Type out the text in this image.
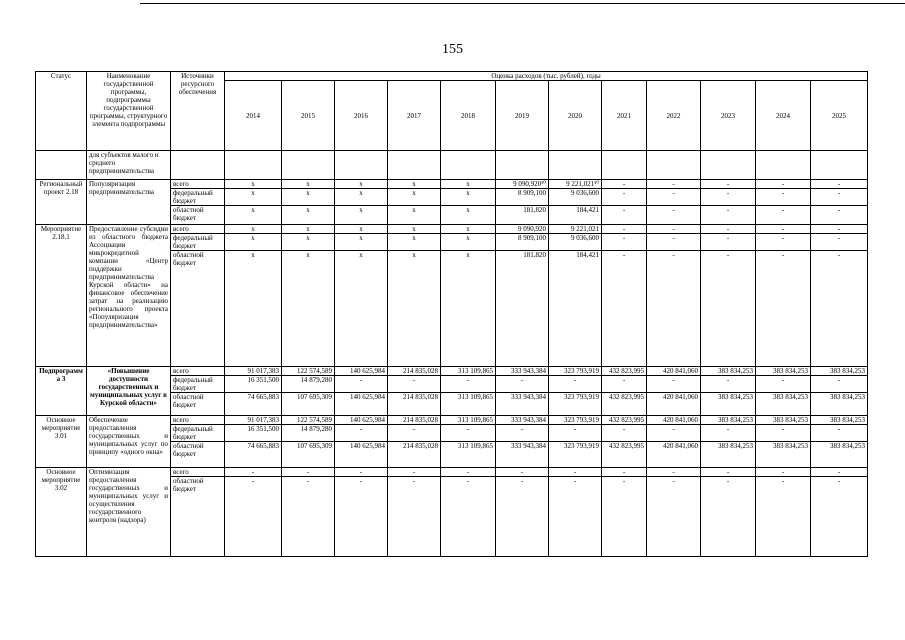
155
Статус	Наименование государственной программы, подпрограммы государственной программы, структурного элемента подпрограммы	Источники ресурсного обеспечения	Оценка расходов (тыс. рублей), годы											
			2014	2015	2016	2017	2018	2019	2020	2021	2022	2023	2024	2025
	для субъектов малого и среднего предпринимательства													
Региональный проект 2.18	Популяризация предпринимательства	всего	x	x	x	x	x	9 090,920¹⁰	9 221,021¹⁰	-	-	-	-	-
		федеральный бюджет	x	x	x	x	x	8 909,100	9 036,600	-	-	-	-	-
		областной бюджет	x	x	x	x	x	181,820	184,421	-	-	-	-	-
Мероприятие 2.18.1	Предоставление субсидии из областного бюджета Ассоциации микрокредитной компании «Центр поддержки предпринимательства Курской области» на финансовое обеспечение затрат на реализацию регионального проекта «Популяризация предпринимательства»	всего	x	x	x	x	x	9 090,920	9 221,021	-	-	-	-	-
		федеральный бюджет	x	x	x	x	x	8 909,100	9 036,600	-	-	-	-	-
		областной бюджет	x	x	x	x	x	181,820	184,421	-	-	-	-	-
Подпрограмма 3	«Повышение доступности государственных и муниципальных услуг в Курской области»	всего	91 017,383	122 574,589	140 625,984	214 835,028	313 109,865	333 943,384	323 793,919	432 823,995	420 841,060	383 834,253	383 834,253	383 834,253
		федеральный бюджет	16 351,500	14 879,280	-	-	-	-	-	-	-	-	-	-
		областной бюджет	74 665,883	107 695,309	140 625,984	214 835,028	313 109,865	333 943,384	323 793,919	432 823,995	420 841,060	383 834,253	383 834,253	383 834,253
Основное мероприятие 3.01	Обеспечение предоставления государственных и муниципальных услуг по принципу «одного окна»	всего	91 017,383	122 574,589	140 625,984	214 835,028	313 109,865	333 943,384	323 793,919	432 823,995	420 841,060	383 834,253	383 834,253	383 834,253
		федеральный бюджет	16 351,500	14 879,280	-	-	-	-	-	-	-	-	-	-
		областной бюджет	74 665,883	107 695,309	140 625,984	214 835,028	313 109,865	333 943,384	323 793,919	432 823,995	420 841,060	383 834,253	383 834,253	383 834,253
Основное мероприятие 3.02	Оптимизация предоставления государственных и муниципальных услуг и осуществления государственного контроля (надзора)	всего	-	-	-	-	-	-	-	-	-	-	-	-
		областной бюджет	-	-	-	-	-	-	-	-	-	-	-	-
